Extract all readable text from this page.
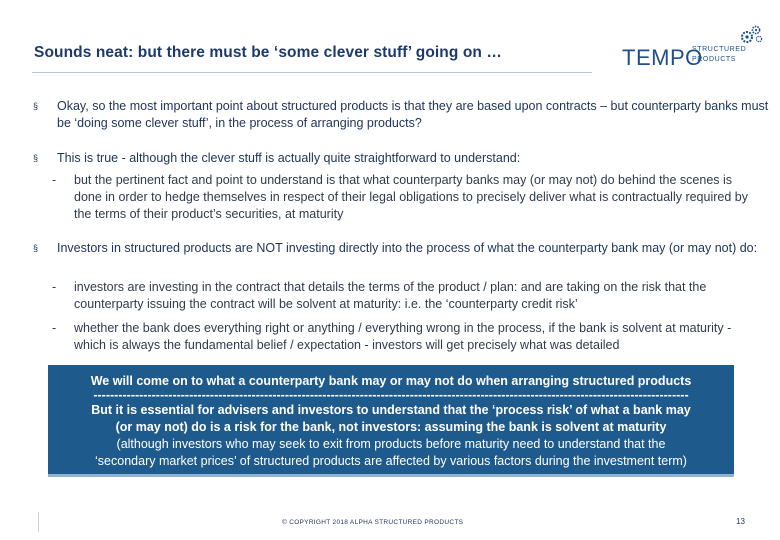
Sounds neat: but there must be ‘some clever stuff’ going on …	TEMPO
STRUCTURED
PRODUCTS
§	Okay, so the most important point about structured products is that they are based upon contracts – but counterparty banks must be ‘doing some clever stuff’, in the process of arranging products?
§	This is true - although the clever stuff is actually quite straightforward to understand:
- but the pertinent fact and point to understand is that what counterparty banks may (or may not) do behind the scenes is done in order to hedge themselves in respect of their legal obligations to precisely deliver what is contractually required by the terms of their product’s securities, at maturity
§	Investors in structured products are NOT investing directly into the process of what the counterparty bank may (or may not) do:
- investors are investing in the contract that details the terms of the product / plan: and are taking on the risk that the counterparty issuing the contract will be solvent at maturity: i.e. the ‘counterparty credit risk’
- whether the bank does everything right or anything / everything wrong in the process, if the bank is solvent at maturity - which is always the fundamental belief / expectation - investors will get precisely what was detailed
We will come on to what a counterparty bank may or may not do when arranging structured products
-----------------------------------------------------------------------------------------------------------------------------------------------
But it is essential for advisers and investors to understand that the ‘process risk’ of what a bank may
(or may not) do is a risk for the bank, not investors: assuming the bank is solvent at maturity
(although investors who may seek to exit from products before maturity need to understand that the
‘secondary market prices’ of structured products are affected by various factors during the investment term)
© COPYRIGHT 2018 ALPHA STRUCTURED PRODUCTS	13
